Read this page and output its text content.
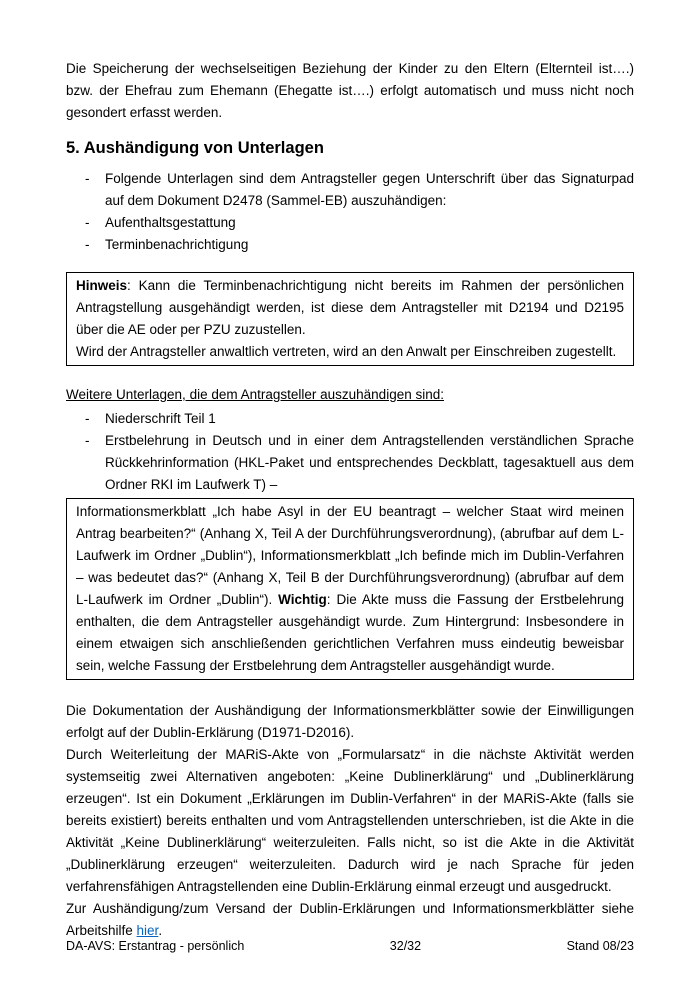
Die Speicherung der wechselseitigen Beziehung der Kinder zu den Eltern (Elternteil ist….) bzw. der Ehefrau zum Ehemann (Ehegatte ist….) erfolgt automatisch und muss nicht noch gesondert erfasst werden.

5. Aushändigung von Unterlagen
-	Folgende Unterlagen sind dem Antragsteller gegen Unterschrift über das Signaturpad auf dem Dokument D2478 (Sammel-EB) auszuhändigen:
-	Aufenthaltsgestattung
-	Terminbenachrichtigung
Hinweis: Kann die Terminbenachrichtigung nicht bereits im Rahmen der persönlichen Antragstellung ausgehändigt werden, ist diese dem Antragsteller mit D2194 und D2195 über die AE oder per PZU zuzustellen.
Wird der Antragsteller anwaltlich vertreten, wird an den Anwalt per Einschreiben zugestellt.

Weitere Unterlagen, die dem Antragsteller auszuhändigen sind:

-	Niederschrift Teil 1
-	Erstbelehrung in Deutsch und in einer dem Antragstellenden verständlichen Sprache Rückkehrinformation (HKL-Paket und entsprechendes Deckblatt, tagesaktuell aus dem Ordner RKI im Laufwerk T) –
Informationsmerkblatt „Ich habe Asyl in der EU beantragt – welcher Staat wird meinen Antrag bearbeiten?“ (Anhang X, Teil A der Durchführungsverordnung), (abrufbar auf dem L-Laufwerk im Ordner „Dublin“), Informationsmerkblatt „Ich befinde mich im Dublin-Verfahren – was bedeutet das?“ (Anhang X, Teil B der Durchführungsverordnung) (abrufbar auf dem L-Laufwerk im Ordner „Dublin“). Wichtig: Die Akte muss die Fassung der Erstbelehrung enthalten, die dem Antragsteller ausgehändigt wurde. Zum Hintergrund: Insbesondere in einem etwaigen sich anschließenden gerichtlichen Verfahren muss eindeutig beweisbar sein, welche Fassung der Erstbelehrung dem Antragsteller ausgehändigt wurde.

Die Dokumentation der Aushändigung der Informationsmerkblätter sowie der Einwilligungen erfolgt auf der Dublin-Erklärung (D1971-D2016).

Durch Weiterleitung der MARiS-Akte von „Formularsatz“ in die nächste Aktivität werden systemseitig zwei Alternativen angeboten: „Keine Dublinerklärung“ und „Dublinerklärung erzeugen“. Ist ein Dokument „Erklärungen im Dublin-Verfahren“ in der MARiS-Akte (falls sie bereits existiert) bereits enthalten und vom Antragstellenden unterschrieben, ist die Akte in die Aktivität „Keine Dublinerklärung“ weiterzuleiten. Falls nicht, so ist die Akte in die Aktivität „Dublinerklärung erzeugen“ weiterzuleiten. Dadurch wird je nach Sprache für jeden verfahrensfähigen Antragstellenden eine Dublin-Erklärung einmal erzeugt und ausgedruckt.

Zur Aushändigung/zum Versand der Dublin-Erklärungen und Informationsmerkblätter siehe Arbeitshilfe hier.

DA-AVS: Erstantrag - persönlich	32/32	Stand 08/23
